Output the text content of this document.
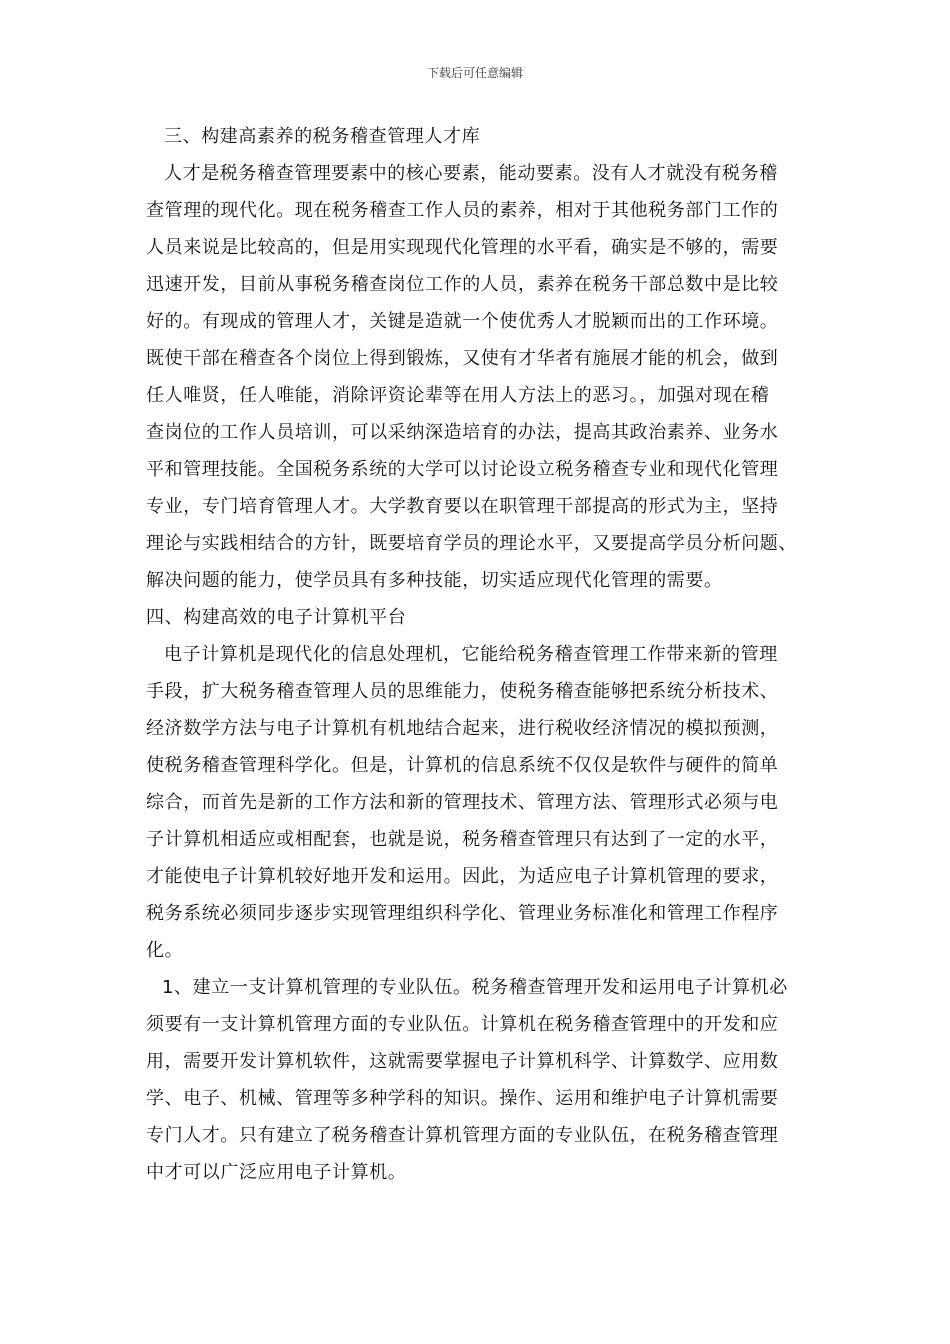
下载后可任意编辑
三、构建高素养的税务稽查管理人才库
人才是税务稽查管理要素中的核心要素，能动要素。没有人才就没有税务稽
查管理的现代化。现在税务稽查工作人员的素养，相对于其他税务部门工作的
人员来说是比较高的，但是用实现现代化管理的水平看，确实是不够的，需要
迅速开发，目前从事税务稽查岗位工作的人员，素养在税务干部总数中是比较
好的。有现成的管理人才，关键是造就一个使优秀人才脱颖而出的工作环境。
既使干部在稽查各个岗位上得到锻炼，又使有才华者有施展才能的机会，做到
任人唯贤，任人唯能，消除评资论辈等在用人方法上的恶习。，加强对现在稽
查岗位的工作人员培训，可以采纳深造培育的办法，提高其政治素养、业务水
平和管理技能。全国税务系统的大学可以讨论设立税务稽查专业和现代化管理
专业，专门培育管理人才。大学教育要以在职管理干部提高的形式为主，坚持
理论与实践相结合的方针，既要培育学员的理论水平，又要提高学员分析问题、
解决问题的能力，使学员具有多种技能，切实适应现代化管理的需要。
四、构建高效的电子计算机平台
电子计算机是现代化的信息处理机，它能给税务稽查管理工作带来新的管理
手段，扩大税务稽查管理人员的思维能力，使税务稽查能够把系统分析技术、
经济数学方法与电子计算机有机地结合起来，进行税收经济情况的模拟预测，
使税务稽查管理科学化。但是，计算机的信息系统不仅仅是软件与硬件的简单
综合，而首先是新的工作方法和新的管理技术、管理方法、管理形式必须与电
子计算机相适应或相配套，也就是说，税务稽查管理只有达到了一定的水平，
才能使电子计算机较好地开发和运用。因此，为适应电子计算机管理的要求，
税务系统必须同步逐步实现管理组织科学化、管理业务标准化和管理工作程序
化。
1、建立一支计算机管理的专业队伍。税务稽查管理开发和运用电子计算机必
须要有一支计算机管理方面的专业队伍。计算机在税务稽查管理中的开发和应
用，需要开发计算机软件，这就需要掌握电子计算机科学、计算数学、应用数
学、电子、机械、管理等多种学科的知识。操作、运用和维护电子计算机需要
专门人才。只有建立了税务稽查计算机管理方面的专业队伍，在税务稽查管理
中才可以广泛应用电子计算机。
